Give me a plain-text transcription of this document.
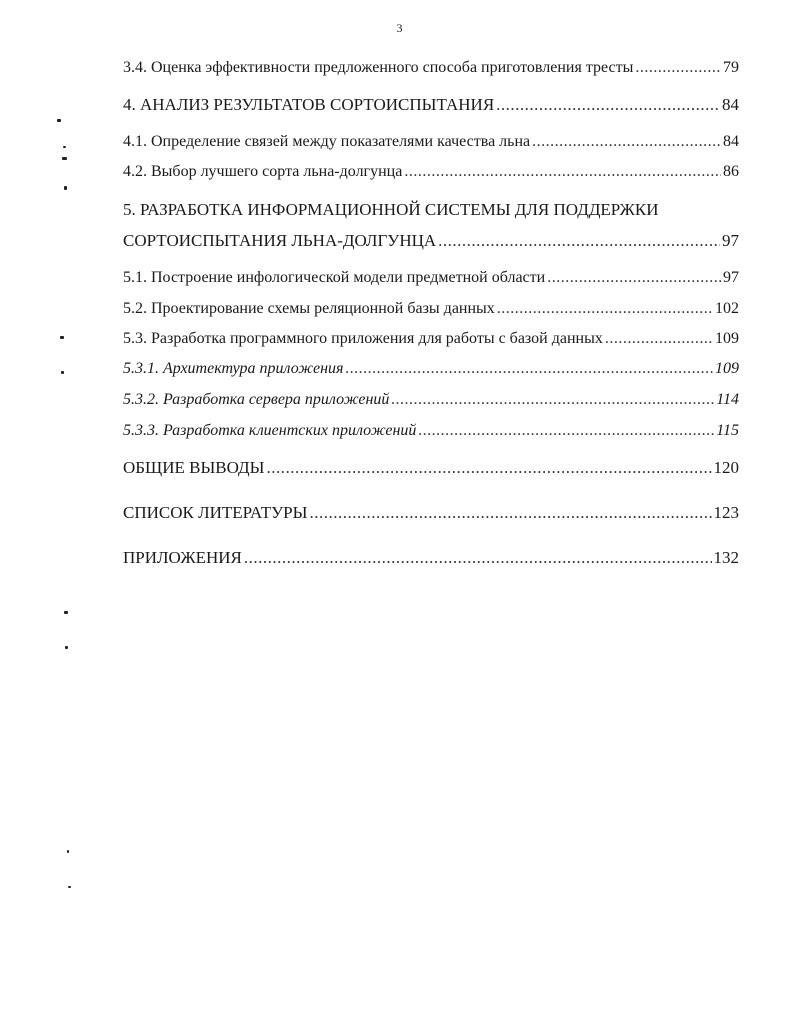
3
3.4. Оценка эффективности предложенного способа приготовления тресты .....	79
4. АНАЛИЗ РЕЗУЛЬТАТОВ СОРТОИСПЫТАНИЯ .....	84
4.1. Определение связей между показателями качества льна .....	84
4.2. Выбор лучшего сорта льна-долгунца .....	86
5. РАЗРАБОТКА ИНФОРМАЦИОННОЙ СИСТЕМЫ ДЛЯ ПОДДЕРЖКИ
СОРТОИСПЫТАНИЯ ЛЬНА-ДОЛГУНЦА .....	97
5.1. Построение инфологической модели предметной области .....	97
5.2. Проектирование схемы реляционной базы данных .....	102
5.3. Разработка программного приложения для работы с базой данных .....	109
5.3.1. Архитектура приложения .....	109
5.3.2. Разработка сервера приложений .....	114
5.3.3. Разработка клиентских приложений .....	115
ОБЩИЕ ВЫВОДЫ .....	120
СПИСОК ЛИТЕРАТУРЫ .....	123
ПРИЛОЖЕНИЯ .....	132
